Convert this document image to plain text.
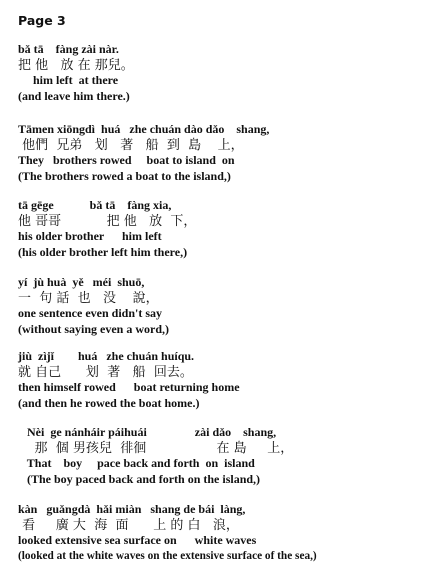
Page 3
bǎ tā    fàng zài nàr.
把 他   放 在 那兒。
him left  at there
(and leave him there.)
Tāmen xiōngdì  huá   zhe chuán dào dǎo    shang,
他們  兄弟   划   著   船  到  島    上，
They   brothers rowed     boat to island  on
(The brothers rowed a boat to the island,)
tā gēge            bǎ tā    fàng xia,
他 哥哥           把 他   放  下，
his older brother      him left
(his older brother left him there,)
yí  jù huà  yě   méi  shuō,
一  句 話  也   没    說，
one sentence even didn't say
(without saying even a word,)
jiù  zìjǐ        huá   zhe chuán huíqu.
就 自己      划  著   船  回去。
then himself rowed      boat returning home
(and then he rowed the boat home.)
Nèi  ge nánháir páihuái                zài dǎo    shang,
那  個 男孩兒  徘徊                 在 島     上，
That    boy     pace back and forth  on  island
(The boy paced back and forth on the island,)
kàn   guǎngdà  hǎi miàn   shang de bái  làng,
看     廣 大  海  面      上 的 白   浪，
looked extensive sea surface on      white waves
(looked at the white waves on the extensive surface of the sea,)
